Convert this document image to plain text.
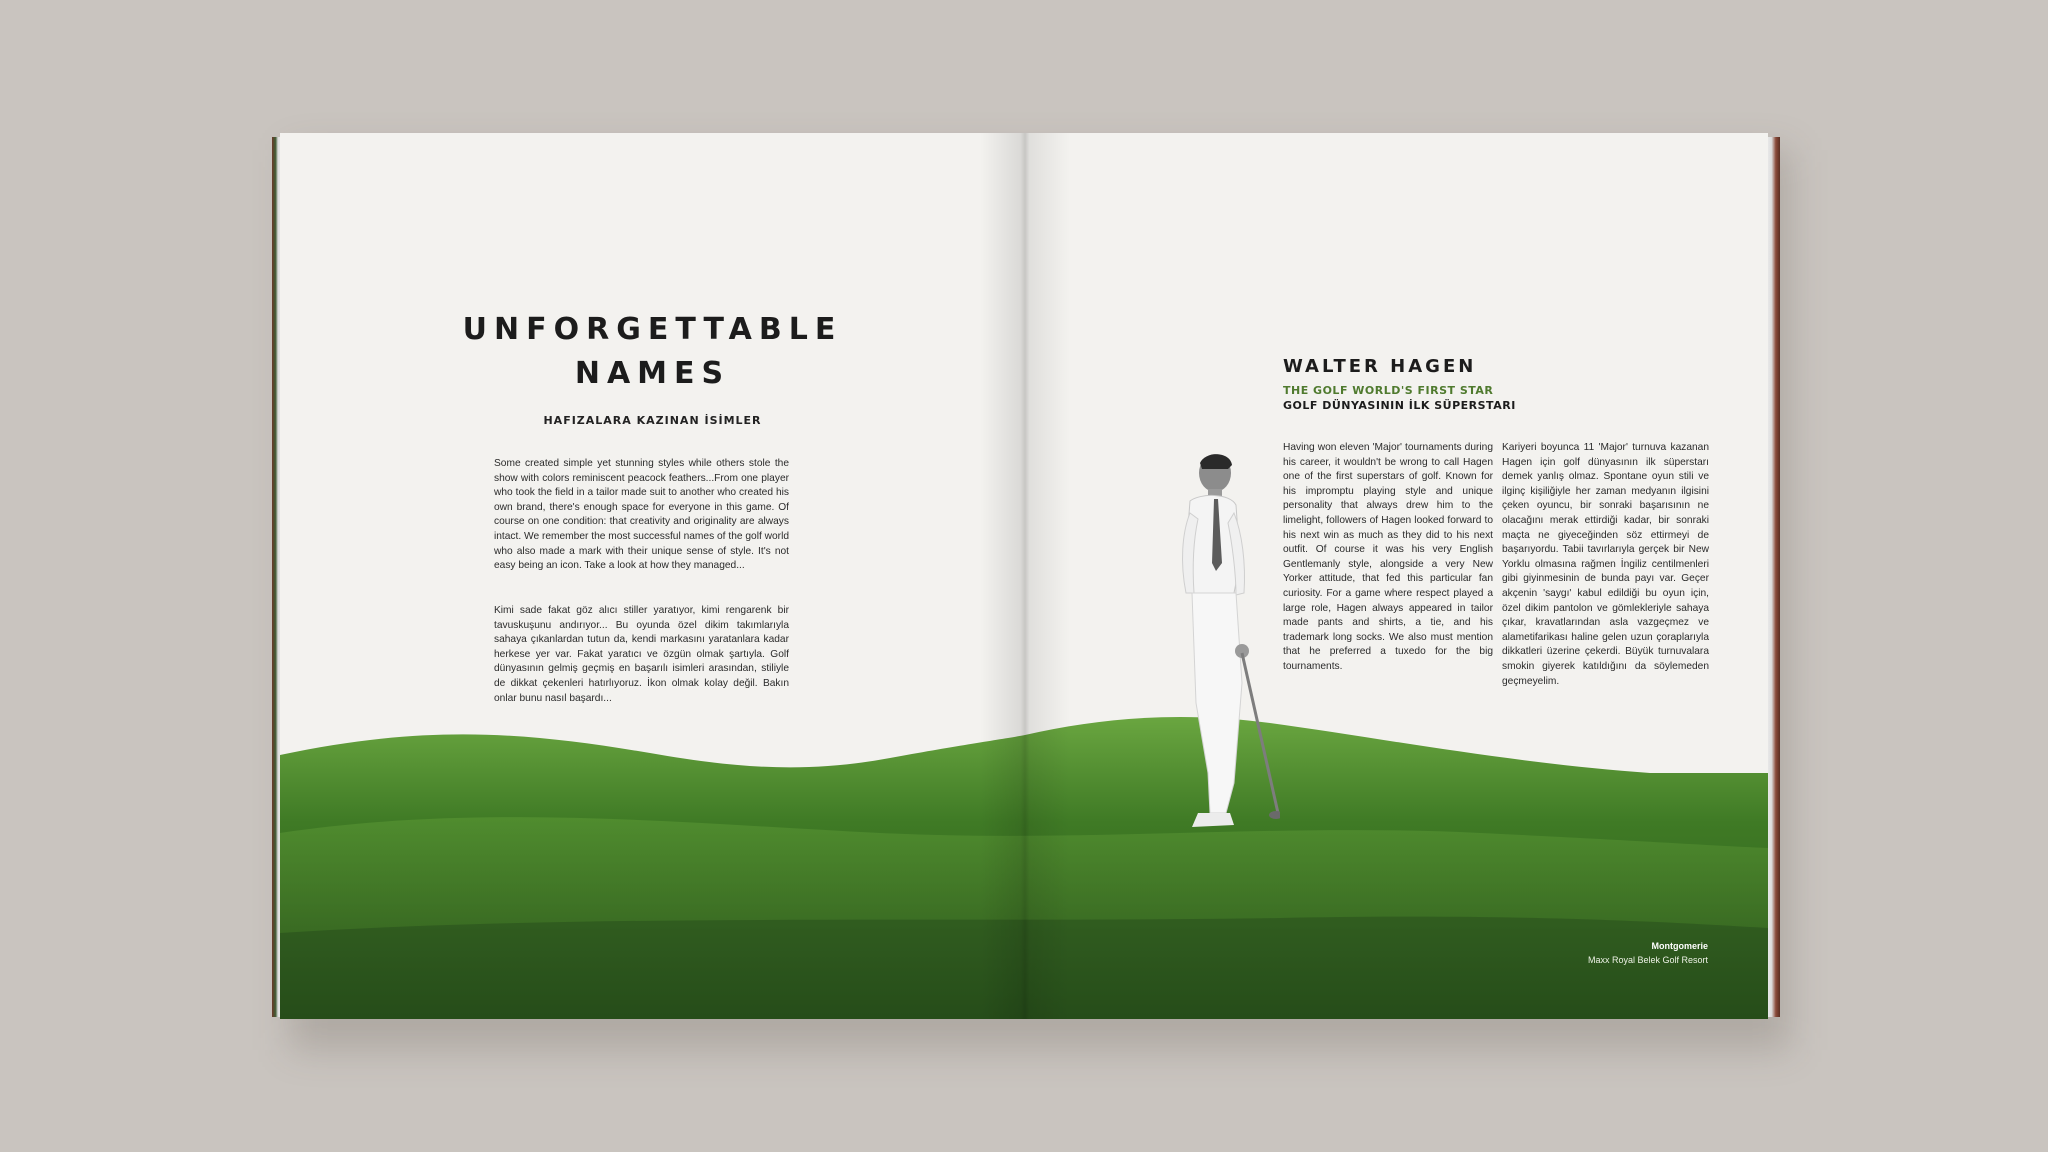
UNFORGETTABLE
NAMES
HAFIZALARA KAZINAN İSİMLER
Some created simple yet stunning styles while others stole the show with colors reminiscent peacock feathers...From one player who took the field in a tailor made suit to another who created his own brand, there's enough space for everyone in this game. Of course on one condition: that creativity and originality are always intact. We remember the most successful names of the golf world who also made a mark with their unique sense of style. It's not easy being an icon. Take a look at how they managed...
Kimi sade fakat göz alıcı stiller yaratıyor, kimi rengarenk bir tavuskuşunu andırıyor... Bu oyunda özel dikim takımlarıyla sahaya çıkanlardan tutun da, kendi markasını yaratanlara kadar herkese yer var. Fakat yaratıcı ve özgün olmak şartıyla. Golf dünyasının gelmiş geçmiş en başarılı isimleri arasından, stiliyle de dikkat çekenleri hatırlıyoruz. İkon olmak kolay değil. Bakın onlar bunu nasıl başardı...
WALTER HAGEN
THE GOLF WORLD'S FIRST STAR
GOLF DÜNYASININ İLK SÜPERSTARI
Having won eleven 'Major' tournaments during his career, it wouldn't be wrong to call Hagen one of the first superstars of golf. Known for his impromptu playing style and unique personality that always drew him to the limelight, followers of Hagen looked forward to his next win as much as they did to his next outfit. Of course it was his very English Gentlemanly style, alongside a very New Yorker attitude, that fed this particular fan curiosity. For a game where respect played a large role, Hagen always appeared in tailor made pants and shirts, a tie, and his trademark long socks. We also must mention that he preferred a tuxedo for the big tournaments.
Kariyeri boyunca 11 'Major' turnuva kazanan Hagen için golf dünyasının ilk süperstarı demek yanlış olmaz. Spontane oyun stili ve ilginç kişiliğiyle her zaman medyanın ilgisini çeken oyuncu, bir sonraki başarısının ne olacağını merak ettirdiği kadar, bir sonraki maçta ne giyeceğinden söz ettirmeyi de başarıyordu. Tabii tavırlarıyla gerçek bir New Yorklu olmasına rağmen İngiliz centilmenleri gibi giyinmesinin de bunda payı var. Geçer akçenin 'saygı' kabul edildiği bu oyun için, özel dikim pantolon ve gömlekleriyle sahaya çıkar, kravatlarından asla vazgeçmez ve alametifarikası haline gelen uzun çoraplarıyla dikkatleri üzerine çekerdi. Büyük turnuvalara smokin giyerek katıldığını da söylemeden geçmeyelim.
Montgomerie
Maxx Royal Belek Golf Resort
